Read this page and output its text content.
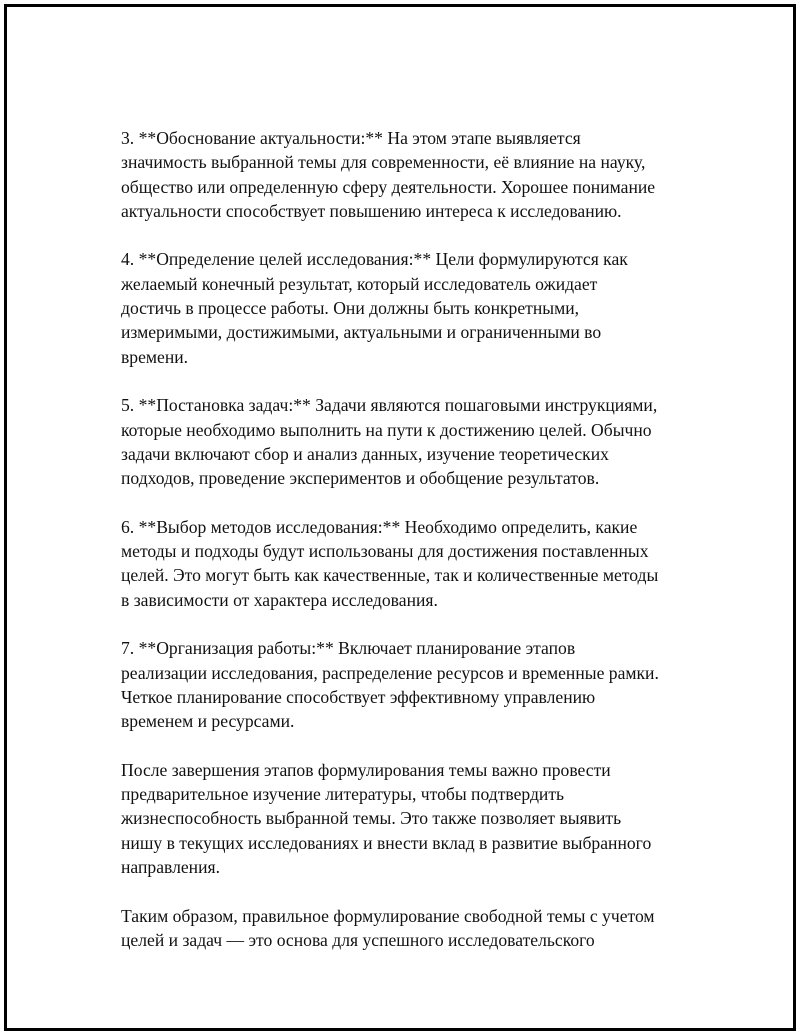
3. **Обоснование актуальности:** На этом этапе выявляется
значимость выбранной темы для современности, её влияние на науку,
общество или определенную сферу деятельности. Хорошее понимание
актуальности способствует повышению интереса к исследованию.

4. **Определение целей исследования:** Цели формулируются как
желаемый конечный результат, который исследователь ожидает
достичь в процессе работы. Они должны быть конкретными,
измеримыми, достижимыми, актуальными и ограниченными во
времени.

5. **Постановка задач:** Задачи являются пошаговыми инструкциями,
которые необходимо выполнить на пути к достижению целей. Обычно
задачи включают сбор и анализ данных, изучение теоретических
подходов, проведение экспериментов и обобщение результатов.

6. **Выбор методов исследования:** Необходимо определить, какие
методы и подходы будут использованы для достижения поставленных
целей. Это могут быть как качественные, так и количественные методы
в зависимости от характера исследования.

7. **Организация работы:** Включает планирование этапов
реализации исследования, распределение ресурсов и временные рамки.
Четкое планирование способствует эффективному управлению
временем и ресурсами.

После завершения этапов формулирования темы важно провести
предварительное изучение литературы, чтобы подтвердить
жизнеспособность выбранной темы. Это также позволяет выявить
нишу в текущих исследованиях и внести вклад в развитие выбранного
направления.

Таким образом, правильное формулирование свободной темы с учетом
целей и задач — это основа для успешного исследовательского
